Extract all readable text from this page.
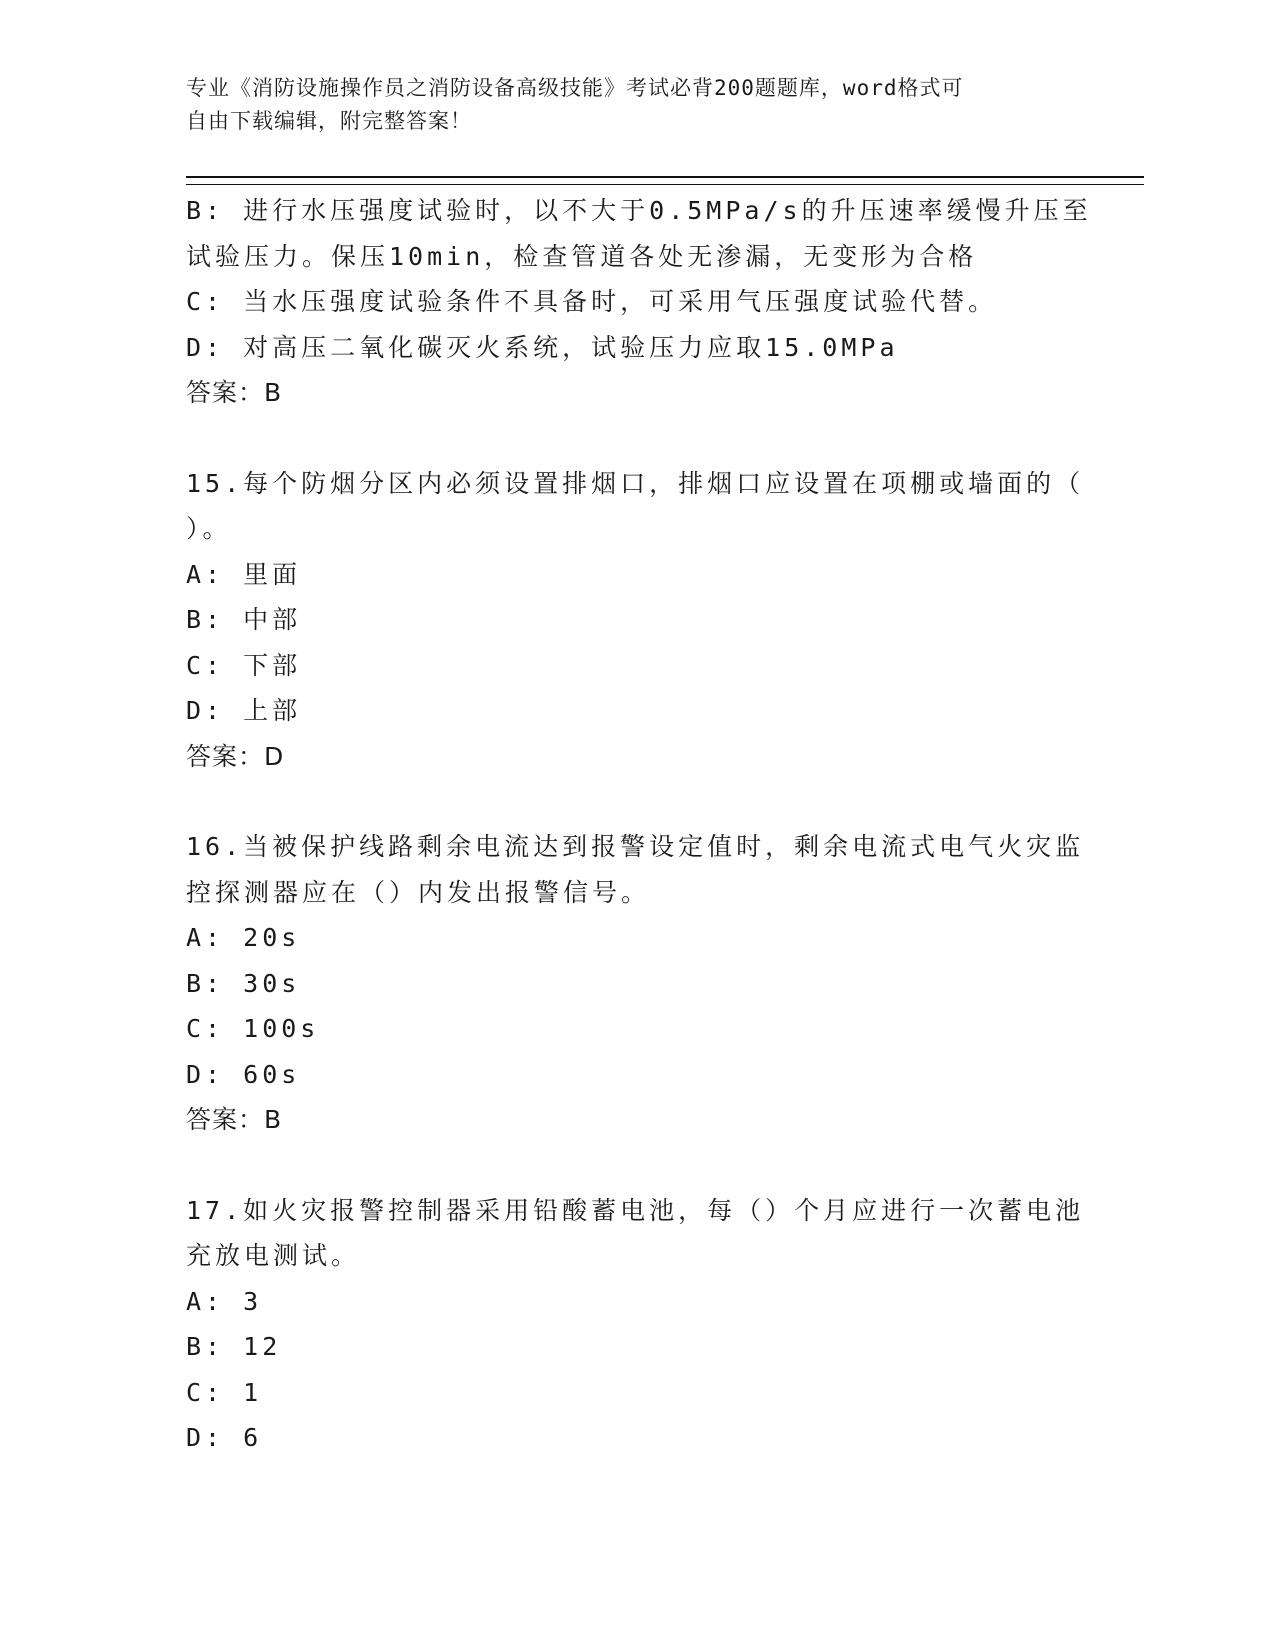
专业《消防设施操作员之消防设备高级技能》考试必背200题题库，word格式可
自由下载编辑，附完整答案！
B: 进行水压强度试验时，以不大于0.5MPa/s的升压速率缓慢升压至
试验压力。保压10min，检查管道各处无渗漏，无变形为合格
C: 当水压强度试验条件不具备时，可采用气压强度试验代替。
D: 对高压二氧化碳灭火系统，试验压力应取15.0MPa
答案：B
15.每个防烟分区内必须设置排烟口，排烟口应设置在项棚或墙面的（
）。
A: 里面
B: 中部
C: 下部
D: 上部
答案：D
16.当被保护线路剩余电流达到报警设定值时，剩余电流式电气火灾监
控探测器应在（）内发出报警信号。
A: 20s
B: 30s
C: 100s
D: 60s
答案：B
17.如火灾报警控制器采用铅酸蓄电池，每（）个月应进行一次蓄电池
充放电测试。
A: 3
B: 12
C: 1
D: 6
